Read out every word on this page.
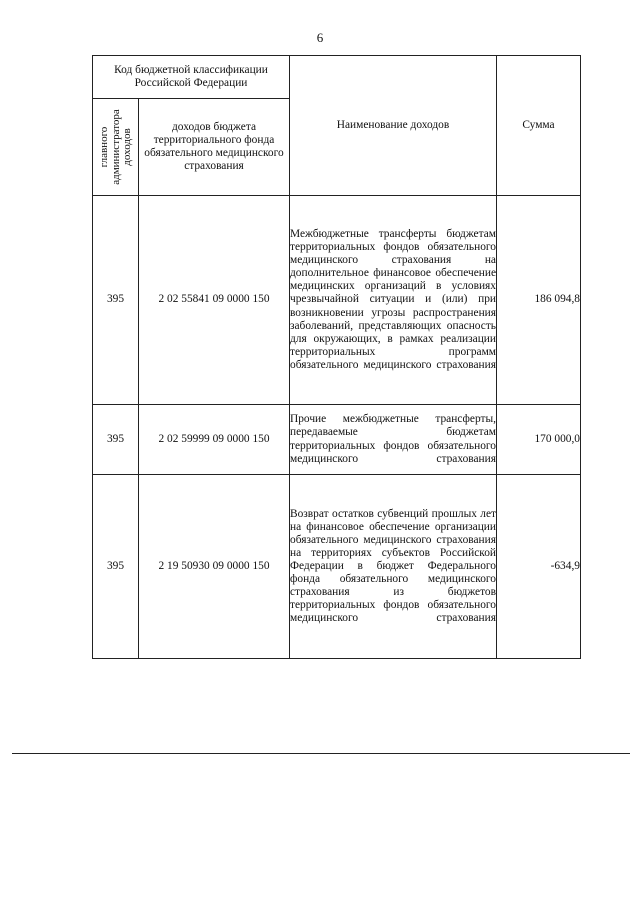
6
Код бюджетной классификации Российской Федерации		Наименование доходов	Сумма

главного
администратора
доходов	доходов бюджета территориального фонда обязательного медицинского страхования		
395	2 02 55841 09 0000 150	Межбюджетные трансферты бюджетам территориальных фондов обязательного медицинского страхования на дополнительное финансовое обеспечение медицинских организаций в условиях чрезвычайной ситуации и (или) при возникновении угрозы распространения заболеваний, представляющих опасность для окружающих, в рамках реализации территориальных программ обязательного медицинского страхования	186 094,8
395	2 02 59999 09 0000 150	Прочие межбюджетные трансферты, передаваемые бюджетам территориальных фондов обязательного медицинского страхования	170 000,0
395	2 19 50930 09 0000 150	Возврат остатков субвенций прошлых лет на финансовое обеспечение организации обязательного медицинского страхования на территориях субъектов Российской Федерации в бюджет Федерального фонда обязательного медицинского страхования из бюджетов территориальных фондов обязательного медицинского страхования	-634,9
